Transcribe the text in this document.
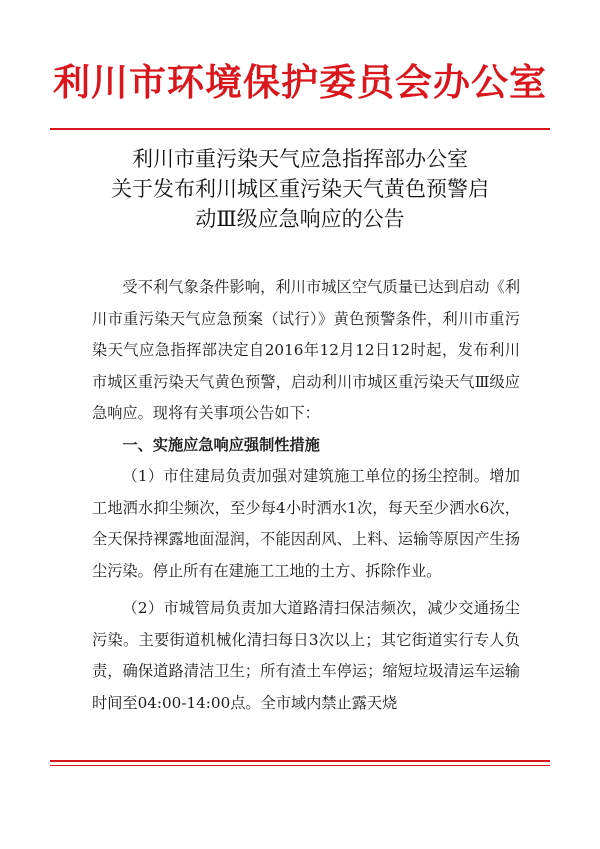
利川市环境保护委员会办公室
利川市重污染天气应急指挥部办公室
关于发布利川城区重污染天气黄色预警启
动Ⅲ级应急响应的公告

受不利气象条件影响，利川市城区空气质量已达到启动《利川市重污染天气应急预案（试行）》黄色预警条件，利川市重污染天气应急指挥部决定自2016年12月12日12时起，发布利川市城区重污染天气黄色预警，启动利川市城区重污染天气Ⅲ级应急响应。现将有关事项公告如下：

一、实施应急响应强制性措施

（1）市住建局负责加强对建筑施工单位的扬尘控制。增加工地洒水抑尘频次，至少每4小时洒水1次，每天至少洒水6次，全天保持裸露地面湿润，不能因刮风、上料、运输等原因产生扬尘污染。停止所有在建施工工地的土方、拆除作业。

（2）市城管局负责加大道路清扫保洁频次，减少交通扬尘污染。主要街道机械化清扫每日3次以上；其它街道实行专人负责，确保道路清洁卫生；所有渣土车停运；缩短垃圾清运车运输时间至04:00-14:00点。全市域内禁止露天烧
